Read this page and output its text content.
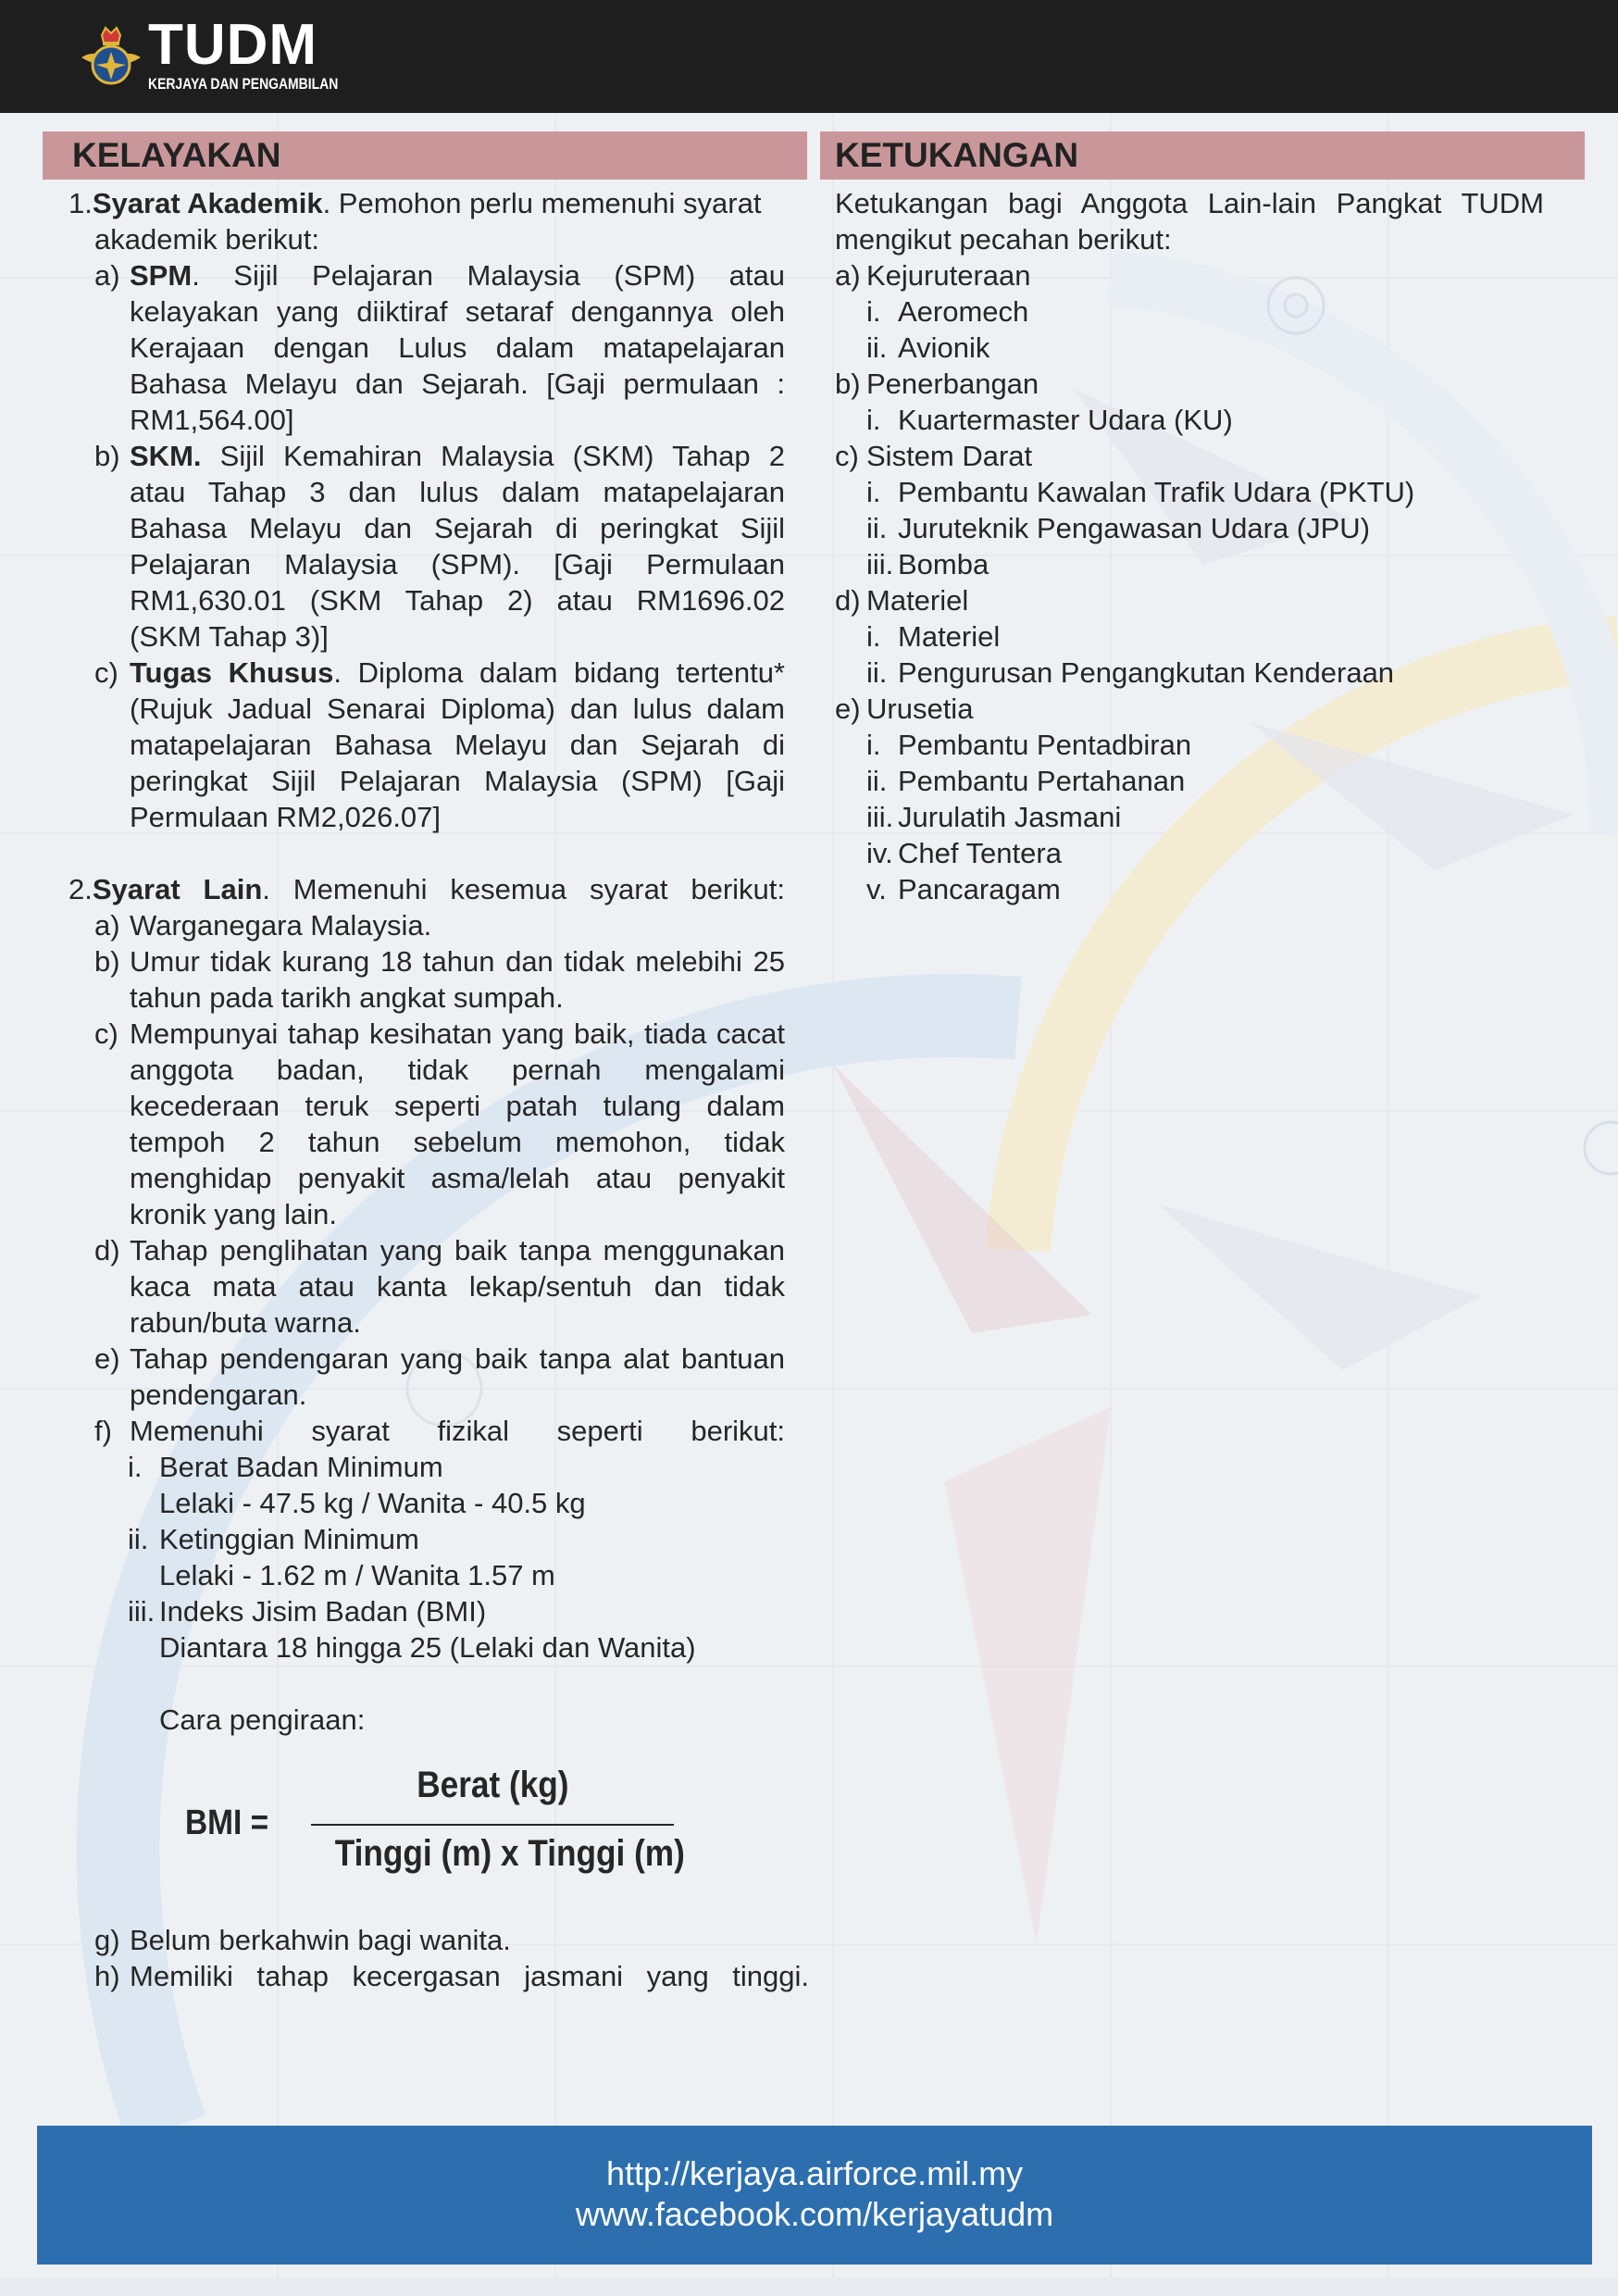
TUDM
KERJAYA DAN PENGAMBILAN
KELAYAKAN	KETUKANGAN
1.Syarat Akademik. Pemohon perlu memenuhi syarat
akademik berikut:
a) SPM. Sijil Pelajaran Malaysia (SPM) atau
kelayakan yang diiktiraf setaraf dengannya oleh
Kerajaan dengan Lulus dalam matapelajaran
Bahasa Melayu dan Sejarah. [Gaji permulaan :
RM1,564.00]
b) SKM. Sijil Kemahiran Malaysia (SKM) Tahap 2
atau Tahap 3 dan lulus dalam matapelajaran
Bahasa Melayu dan Sejarah di peringkat Sijil
Pelajaran Malaysia (SPM). [Gaji Permulaan
RM1,630.01 (SKM Tahap 2) atau RM1696.02
(SKM Tahap 3)]
c) Tugas Khusus. Diploma dalam bidang tertentu*
(Rujuk Jadual Senarai Diploma) dan lulus dalam
matapelajaran Bahasa Melayu dan Sejarah di
peringkat Sijil Pelajaran Malaysia (SPM) [Gaji
Permulaan RM2,026.07]
2.Syarat Lain. Memenuhi kesemua syarat berikut:
a) Warganegara Malaysia.
b) Umur tidak kurang 18 tahun dan tidak melebihi 25
tahun pada tarikh angkat sumpah.
c) Mempunyai tahap kesihatan yang baik, tiada cacat
anggota badan, tidak pernah mengalami
kecederaan teruk seperti patah tulang dalam
tempoh 2 tahun sebelum memohon, tidak
menghidap penyakit asma/lelah atau penyakit
kronik yang lain.
d) Tahap penglihatan yang baik tanpa menggunakan
kaca mata atau kanta lekap/sentuh dan tidak
rabun/buta warna.
e) Tahap pendengaran yang baik tanpa alat bantuan
pendengaran.
f) Memenuhi syarat fizikal seperti berikut:
i. Berat Badan Minimum
Lelaki - 47.5 kg / Wanita - 40.5 kg
ii. Ketinggian Minimum
Lelaki - 1.62 m / Wanita 1.57 m
iii. Indeks Jisim Badan (BMI)
Diantara 18 hingga 25 (Lelaki dan Wanita)
Cara pengiraan:
BMI =
Berat (kg)
Tinggi (m) x Tinggi (m)
g) Belum berkahwin bagi wanita.
h) Memiliki tahap kecergasan jasmani yang tinggi.
Ketukangan bagi Anggota Lain-lain Pangkat TUDM
mengikut pecahan berikut:
a) Kejuruteraan
i. Aeromech
ii. Avionik
b) Penerbangan
i. Kuartermaster Udara (KU)
c) Sistem Darat
i. Pembantu Kawalan Trafik Udara (PKTU)
ii. Juruteknik Pengawasan Udara (JPU)
iii. Bomba
d) Materiel
i. Materiel
ii. Pengurusan Pengangkutan Kenderaan
e) Urusetia
i. Pembantu Pentadbiran
ii. Pembantu Pertahanan
iii. Jurulatih Jasmani
iv. Chef Tentera
v. Pancaragam
http://kerjaya.airforce.mil.my
www.facebook.com/kerjayatudm
